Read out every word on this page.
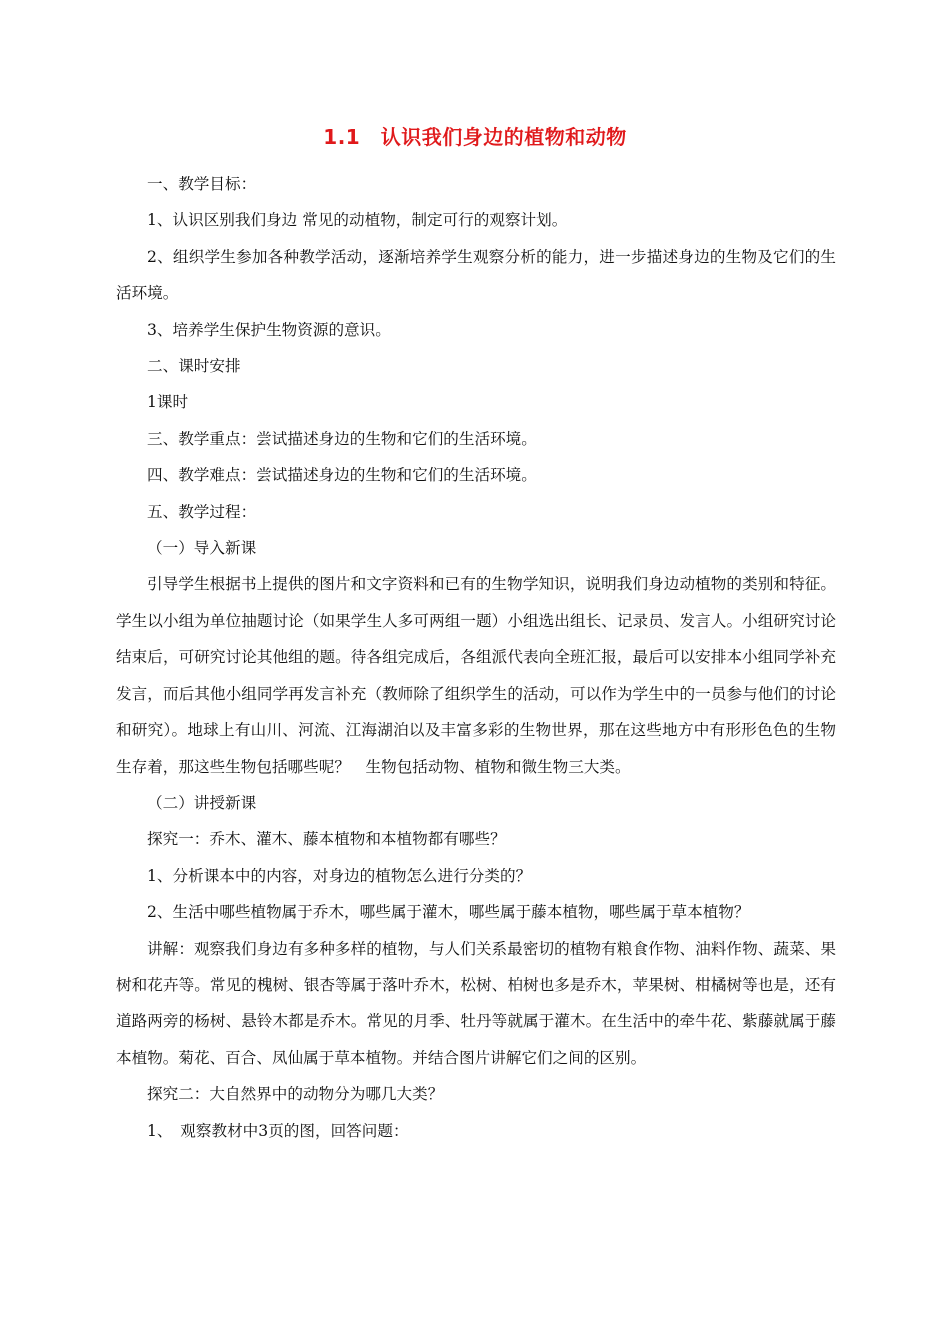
1.1　认识我们身边的植物和动物

一、教学目标：

1、认识区别我们身边 常见的动植物，制定可行的观察计划。

2、组织学生参加各种教学活动，逐渐培养学生观察分析的能力，进一步描述身边的生物及它们的生活环境。

3、培养学生保护生物资源的意识。

二、课时安排

1课时

三、教学重点：尝试描述身边的生物和它们的生活环境。

四、教学难点：尝试描述身边的生物和它们的生活环境。

五、教学过程：

（一）导入新课

引导学生根据书上提供的图片和文字资料和已有的生物学知识，说明我们身边动植物的类别和特征。学生以小组为单位抽题讨论（如果学生人多可两组一题）小组选出组长、记录员、发言人。小组研究讨论结束后，可研究讨论其他组的题。待各组完成后，各组派代表向全班汇报，最后可以安排本小组同学补充发言，而后其他小组同学再发言补充（教师除了组织学生的活动，可以作为学生中的一员参与他们的讨论和研究）。地球上有山川、河流、江海湖泊以及丰富多彩的生物世界，那在这些地方中有形形色色的生物生存着，那这些生物包括哪些呢？　生物包括动物、植物和微生物三大类。

（二）讲授新课

探究一：乔木、灌木、藤本植物和本植物都有哪些？

1、分析课本中的内容，对身边的植物怎么进行分类的？

2、生活中哪些植物属于乔木，哪些属于灌木，哪些属于藤本植物，哪些属于草本植物？

讲解：观察我们身边有多种多样的植物，与人们关系最密切的植物有粮食作物、油料作物、蔬菜、果树和花卉等。常见的槐树、银杏等属于落叶乔木，松树、柏树也多是乔木，苹果树、柑橘树等也是，还有道路两旁的杨树、悬铃木都是乔木。常见的月季、牡丹等就属于灌木。在生活中的牵牛花、紫藤就属于藤本植物。菊花、百合、凤仙属于草本植物。并结合图片讲解它们之间的区别。

探究二：大自然界中的动物分为哪几大类？

1、　观察教材中3页的图，回答问题：
